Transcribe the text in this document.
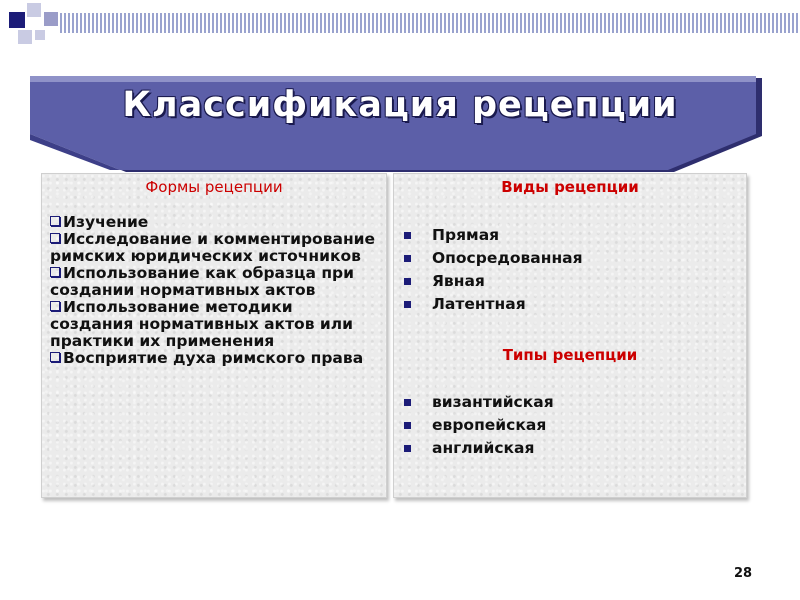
Классификация рецепции
Формы рецепции
Изучение
Исследование и комментирование римских юридических источников
Использование как образца при создании нормативных актов
Использование методики создания нормативных актов или практики их применения
Восприятие духа римского права
Виды рецепции
Прямая
Опосредованная
Явная
Латентная
Типы рецепции
византийская
европейская
английская
28
